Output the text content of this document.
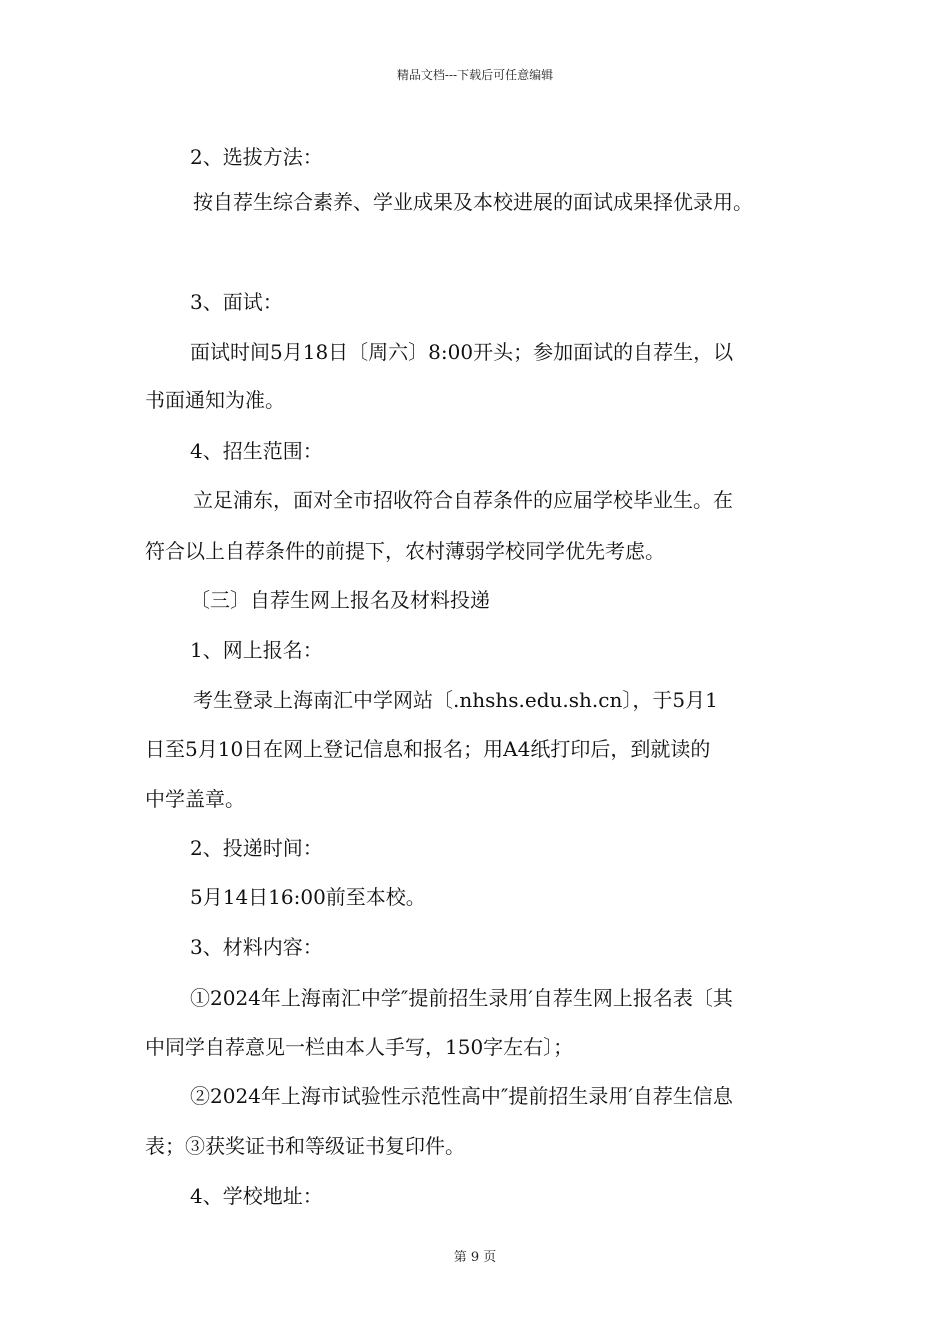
精品文档---下载后可任意编辑
2、选拔方法：
按自荐生综合素养、学业成果及本校进展的面试成果择优录用。
3、面试：
面试时间5月18日〔周六〕8:00开头；参加面试的自荐生，以
书面通知为准。
4、招生范围：
立足浦东，面对全市招收符合自荐条件的应届学校毕业生。在
符合以上自荐条件的前提下，农村薄弱学校同学优先考虑。
〔三〕自荐生网上报名及材料投递
1、网上报名：
考生登录上海南汇中学网站〔.nhshs.edu.sh.cn〕，于5月1
日至5月10日在网上登记信息和报名；用A4纸打印后，到就读的
中学盖章。
2、投递时间：
5月14日16:00前至本校。
3、材料内容：
①2024年上海南汇中学″提前招生录用′自荐生网上报名表〔其
中同学自荐意见一栏由本人手写，150字左右〕；
②2024年上海市试验性示范性高中″提前招生录用′自荐生信息
表；③获奖证书和等级证书复印件。
4、学校地址：
第 9 页
